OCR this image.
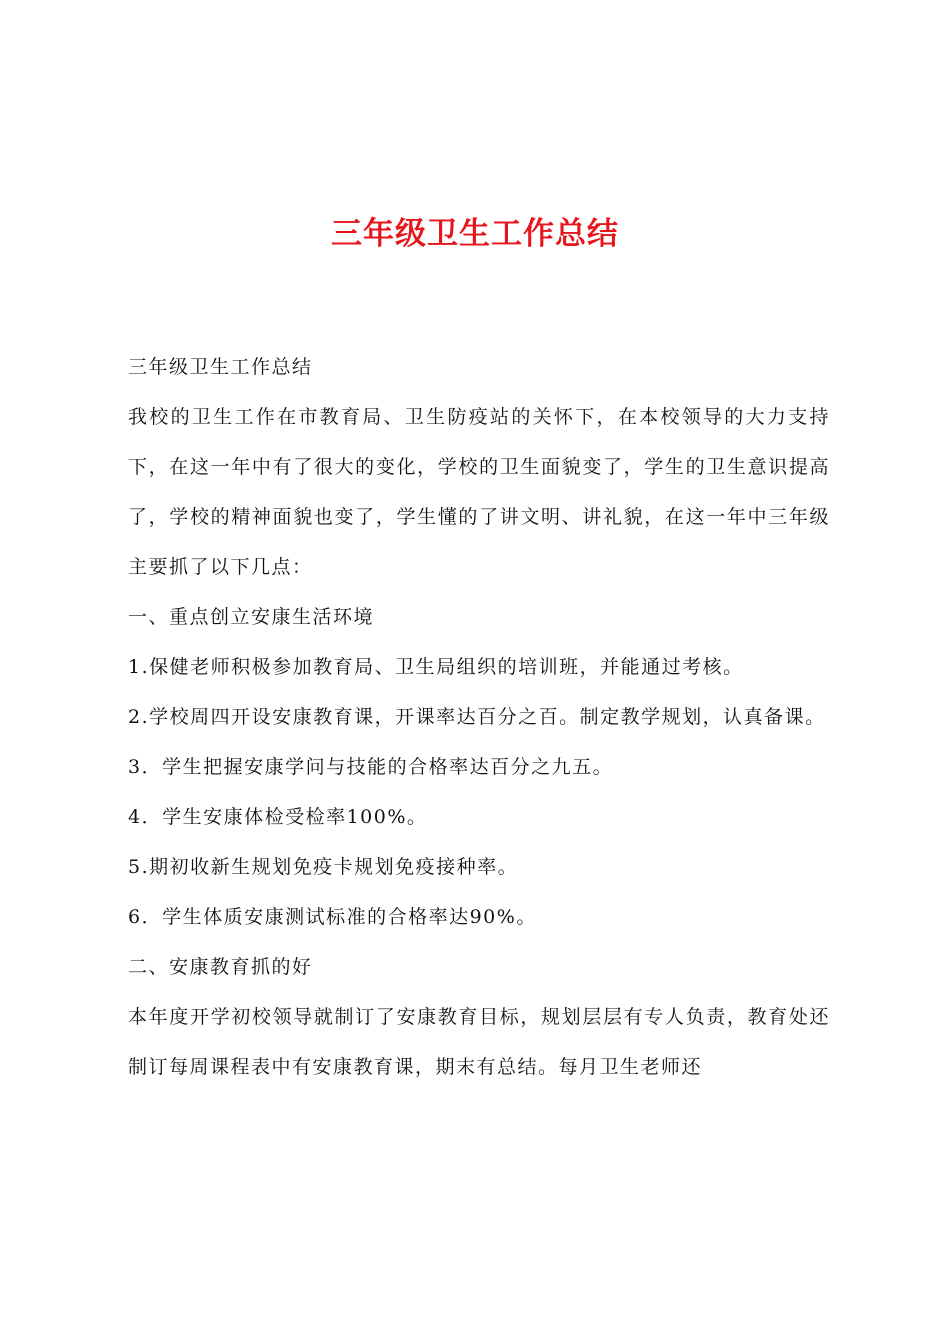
三年级卫生工作总结

三年级卫生工作总结

我校的卫生工作在市教育局、卫生防疫站的关怀下，在本校领导的大力支持下，在这一年中有了很大的变化，学校的卫生面貌变了，学生的卫生意识提高了，学校的精神面貌也变了，学生懂的了讲文明、讲礼貌，在这一年中三年级主要抓了以下几点：

一、重点创立安康生活环境

1.保健老师积极参加教育局、卫生局组织的培训班，并能通过考核。

2.学校周四开设安康教育课，开课率达百分之百。制定教学规划，认真备课。

3．学生把握安康学问与技能的合格率达百分之九五。

4．学生安康体检受检率100%。

5.期初收新生规划免疫卡规划免疫接种率。

6．学生体质安康测试标准的合格率达90%。

二、安康教育抓的好

本年度开学初校领导就制订了安康教育目标，规划层层有专人负责，教育处还制订每周课程表中有安康教育课，期末有总结。每月卫生老师还
